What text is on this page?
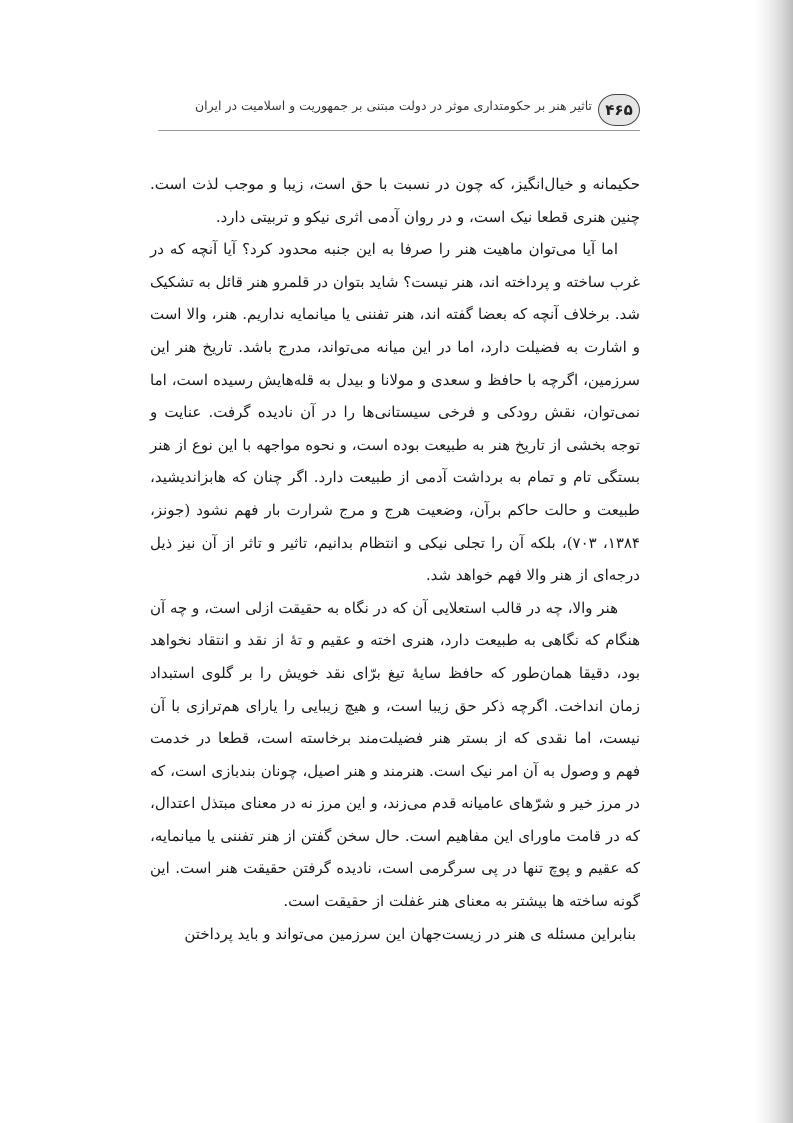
۴۶۵
تاثیر هنر بر حکومتداری موثر در دولت مبتنی بر جمهوریت و اسلامیت در ایران

حکیمانه و خیال‌انگیز، که چون در نسبت با حق است، زیبا و موجب لذت است. چنین هنری قطعا نیک است، و در روان آدمی اثری نیکو و تربیتی دارد.

اما آیا می‌توان ماهیت هنر را صرفا به این جنبه محدود کرد؟ آیا آنچه که در غرب ساخته و پرداخته اند، هنر نیست؟ شاید بتوان در قلمرو هنر قائل به تشکیک شد. برخلاف آنچه که بعضا گفته اند، هنر تفننی یا میانمایه نداریم. هنر، والا است و اشارت به فضیلت دارد، اما در این میانه می‌تواند، مدرج باشد. تاریخ هنر این سرزمین، اگرچه با حافظ و سعدی و مولانا و بیدل به قله‌هایش رسیده است، اما نمی‌توان، نقش رودکی و فرخی سیستانی‌ها را در آن نادیده گرفت. عنایت و توجه بخشی از تاریخ هنر به طبیعت بوده است، و نحوه مواجهه با این نوع از هنر بستگی تام و تمام به برداشت آدمی از طبیعت دارد. اگر چنان که هابزاندیشید، طبیعت و حالت حاکم برآن، وضعیت هرج و مرج شرارت بار فهم نشود (جونز، ۱۳۸۴، ۷۰۳)، بلکه آن را تجلی نیکی و انتظام بدانیم، تاثیر و تاثر از آن نیز ذیل درجه‌ای از هنر والا فهم خواهد شد.

هنر والا، چه در قالب استعلایی آن که در نگاه به حقیقت ازلی است، و چه آن هنگام که نگاهی به طبیعت دارد، هنری اخته و عقیم و تهٔ از نقد و انتقاد نخواهد بود، دقیقا همان‌طور که حافظ سایهٔ تیغ برّای نقد خویش را بر گلوی استبداد زمان انداخت. اگرچه ذکر حق زیبا است، و هیچ زیبایی را یارای هم‌ترازی با آن نیست، اما نقدی که از بستر هنر فضیلت‌مند برخاسته است، قطعا در خدمت فهم و وصول به آن امر نیک است. هنرمند و هنر اصیل، چونان بندبازی است، که در مرز خیر و شرّهای عامیانه قدم می‌زند، و این مرز نه در معنای مبتذل اعتدال، که در قامت ماورای این مفاهیم است. حال سخن گفتن از هنر تفننی یا میانمایه، که عقیم و پوچ تنها در پی سرگرمی است، نادیده گرفتن حقیقت هنر است. این گونه ساخته ها بیشتر به معنای هنر غفلت از حقیقت است.

بنابراین مسئله ی هنر در زیست‌جهان این سرزمین می‌تواند و باید پرداختن
